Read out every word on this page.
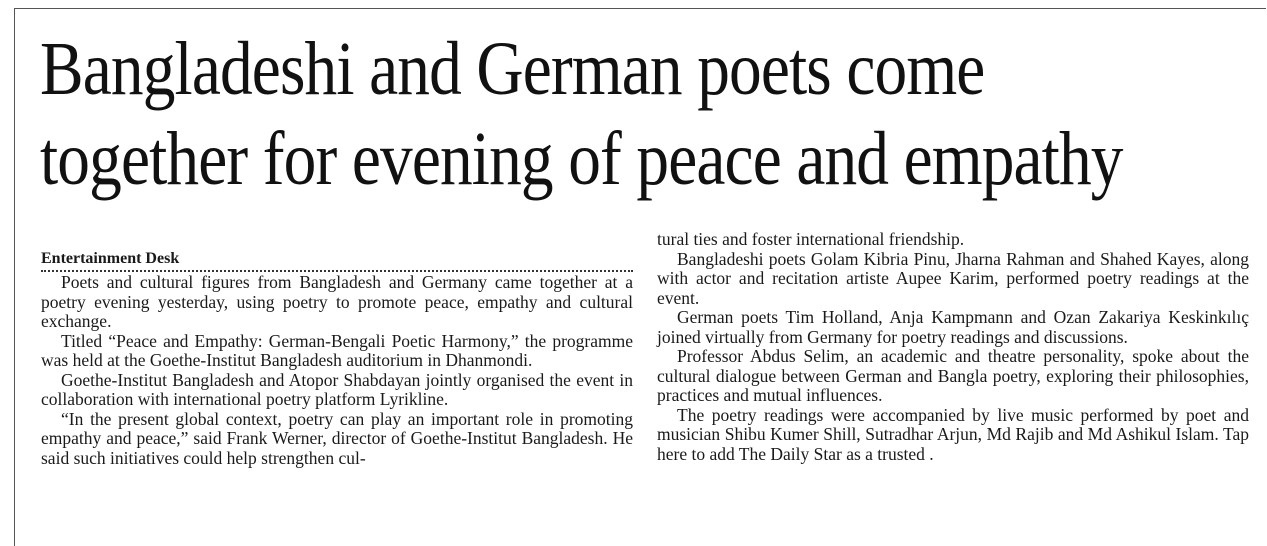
Bangladeshi and German poets come
together for evening of peace and empathy
Entertainment Desk

Poets and cultural figures from Bangladesh and Germany came together at a poetry evening yesterday, using poetry to promote peace, empathy and cultural exchange.

Titled “Peace and Empathy: German-Bengali Poetic Harmony,” the programme was held at the Goethe-Institut Bangladesh auditorium in Dhanmondi.

Goethe-Institut Bangladesh and Atopor Shabdayan jointly organised the event in collaboration with international poetry platform Lyrikline.

“In the present global context, poetry can play an important role in promoting empathy and peace,” said Frank Werner, director of Goethe-Institut Bangladesh. He said such initiatives could help strengthen cul-

tural ties and foster international friendship.

Bangladeshi poets Golam Kibria Pinu, Jharna Rahman and Shahed Kayes, along with actor and recitation artiste Aupee Karim, performed poetry readings at the event.

German poets Tim Holland, Anja Kampmann and Ozan Zakariya Keskinkılıç joined virtually from Germany for poetry readings and discussions.

Professor Abdus Selim, an academic and theatre personality, spoke about the cultural dialogue between German and Bangla poetry, exploring their philosophies, practices and mutual influences.

The poetry readings were accompanied by live music performed by poet and musician Shibu Kumer Shill, Sutradhar Arjun, Md Rajib and Md Ashikul Islam. Tap here to add The Daily Star as a trusted .
